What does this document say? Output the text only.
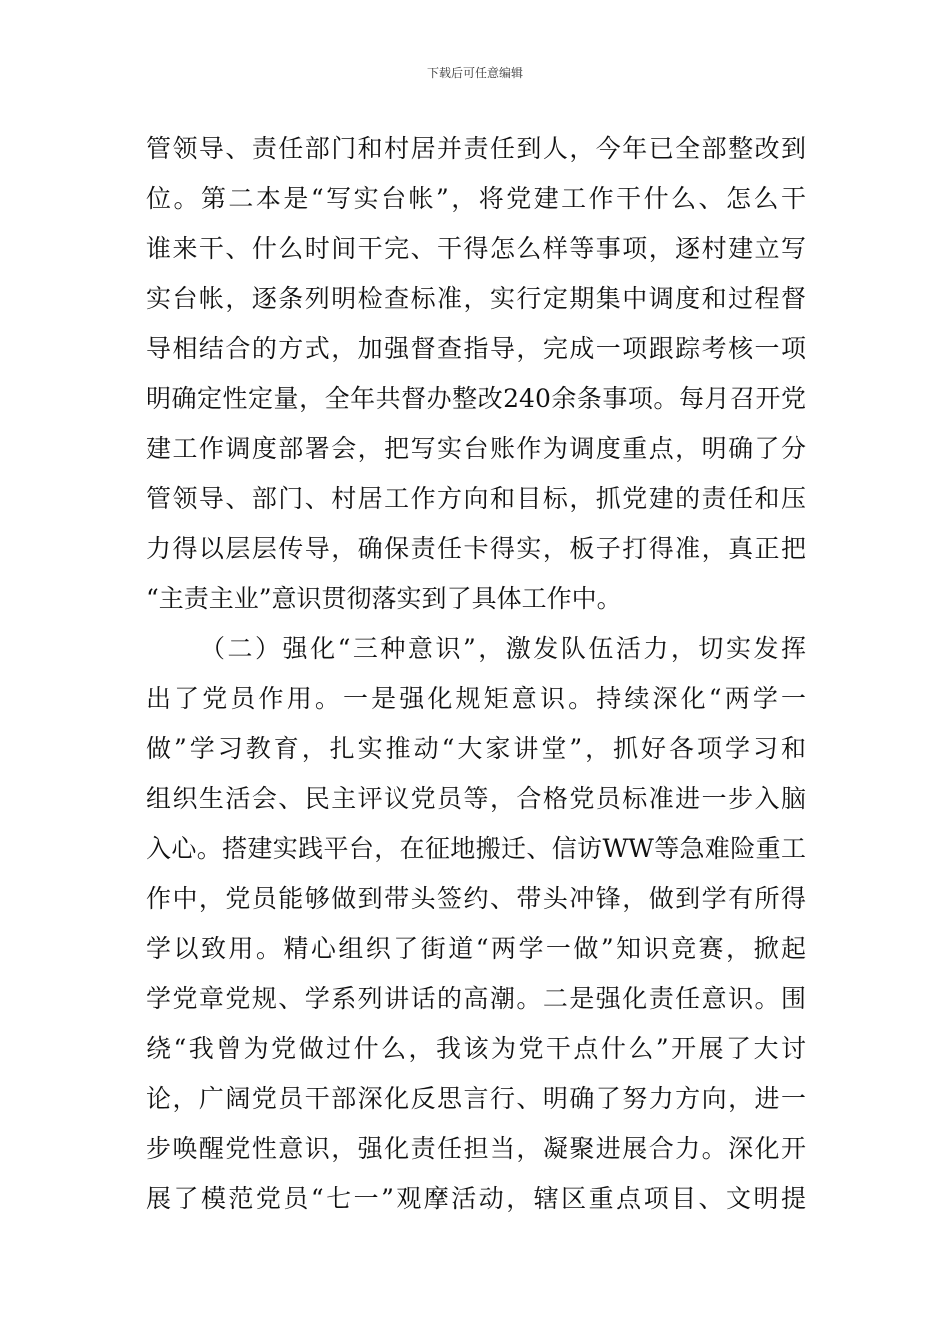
下载后可任意编辑
管领导、责任部门和村居并责任到人，今年已全部整改到
位。第二本是“写实台帐”，将党建工作干什么、怎么干
谁来干、什么时间干完、干得怎么样等事项，逐村建立写
实台帐，逐条列明检查标准，实行定期集中调度和过程督
导相结合的方式，加强督查指导，完成一项跟踪考核一项
明确定性定量，全年共督办整改240余条事项。每月召开党
建工作调度部署会，把写实台账作为调度重点，明确了分
管领导、部门、村居工作方向和目标，抓党建的责任和压
力得以层层传导，确保责任卡得实，板子打得准，真正把
“主责主业”意识贯彻落实到了具体工作中。
（二）强化“三种意识”，激发队伍活力，切实发挥
出了党员作用。一是强化规矩意识。持续深化“两学一
做”学习教育，扎实推动“大家讲堂”，抓好各项学习和
组织生活会、民主评议党员等，合格党员标准进一步入脑
入心。搭建实践平台，在征地搬迁、信访WW等急难险重工
作中，党员能够做到带头签约、带头冲锋，做到学有所得
学以致用。精心组织了街道“两学一做”知识竞赛，掀起
学党章党规、学系列讲话的高潮。二是强化责任意识。围
绕“我曾为党做过什么，我该为党干点什么”开展了大讨
论，广阔党员干部深化反思言行、明确了努力方向，进一
步唤醒党性意识，强化责任担当，凝聚进展合力。深化开
展了模范党员“七一”观摩活动，辖区重点项目、文明提
